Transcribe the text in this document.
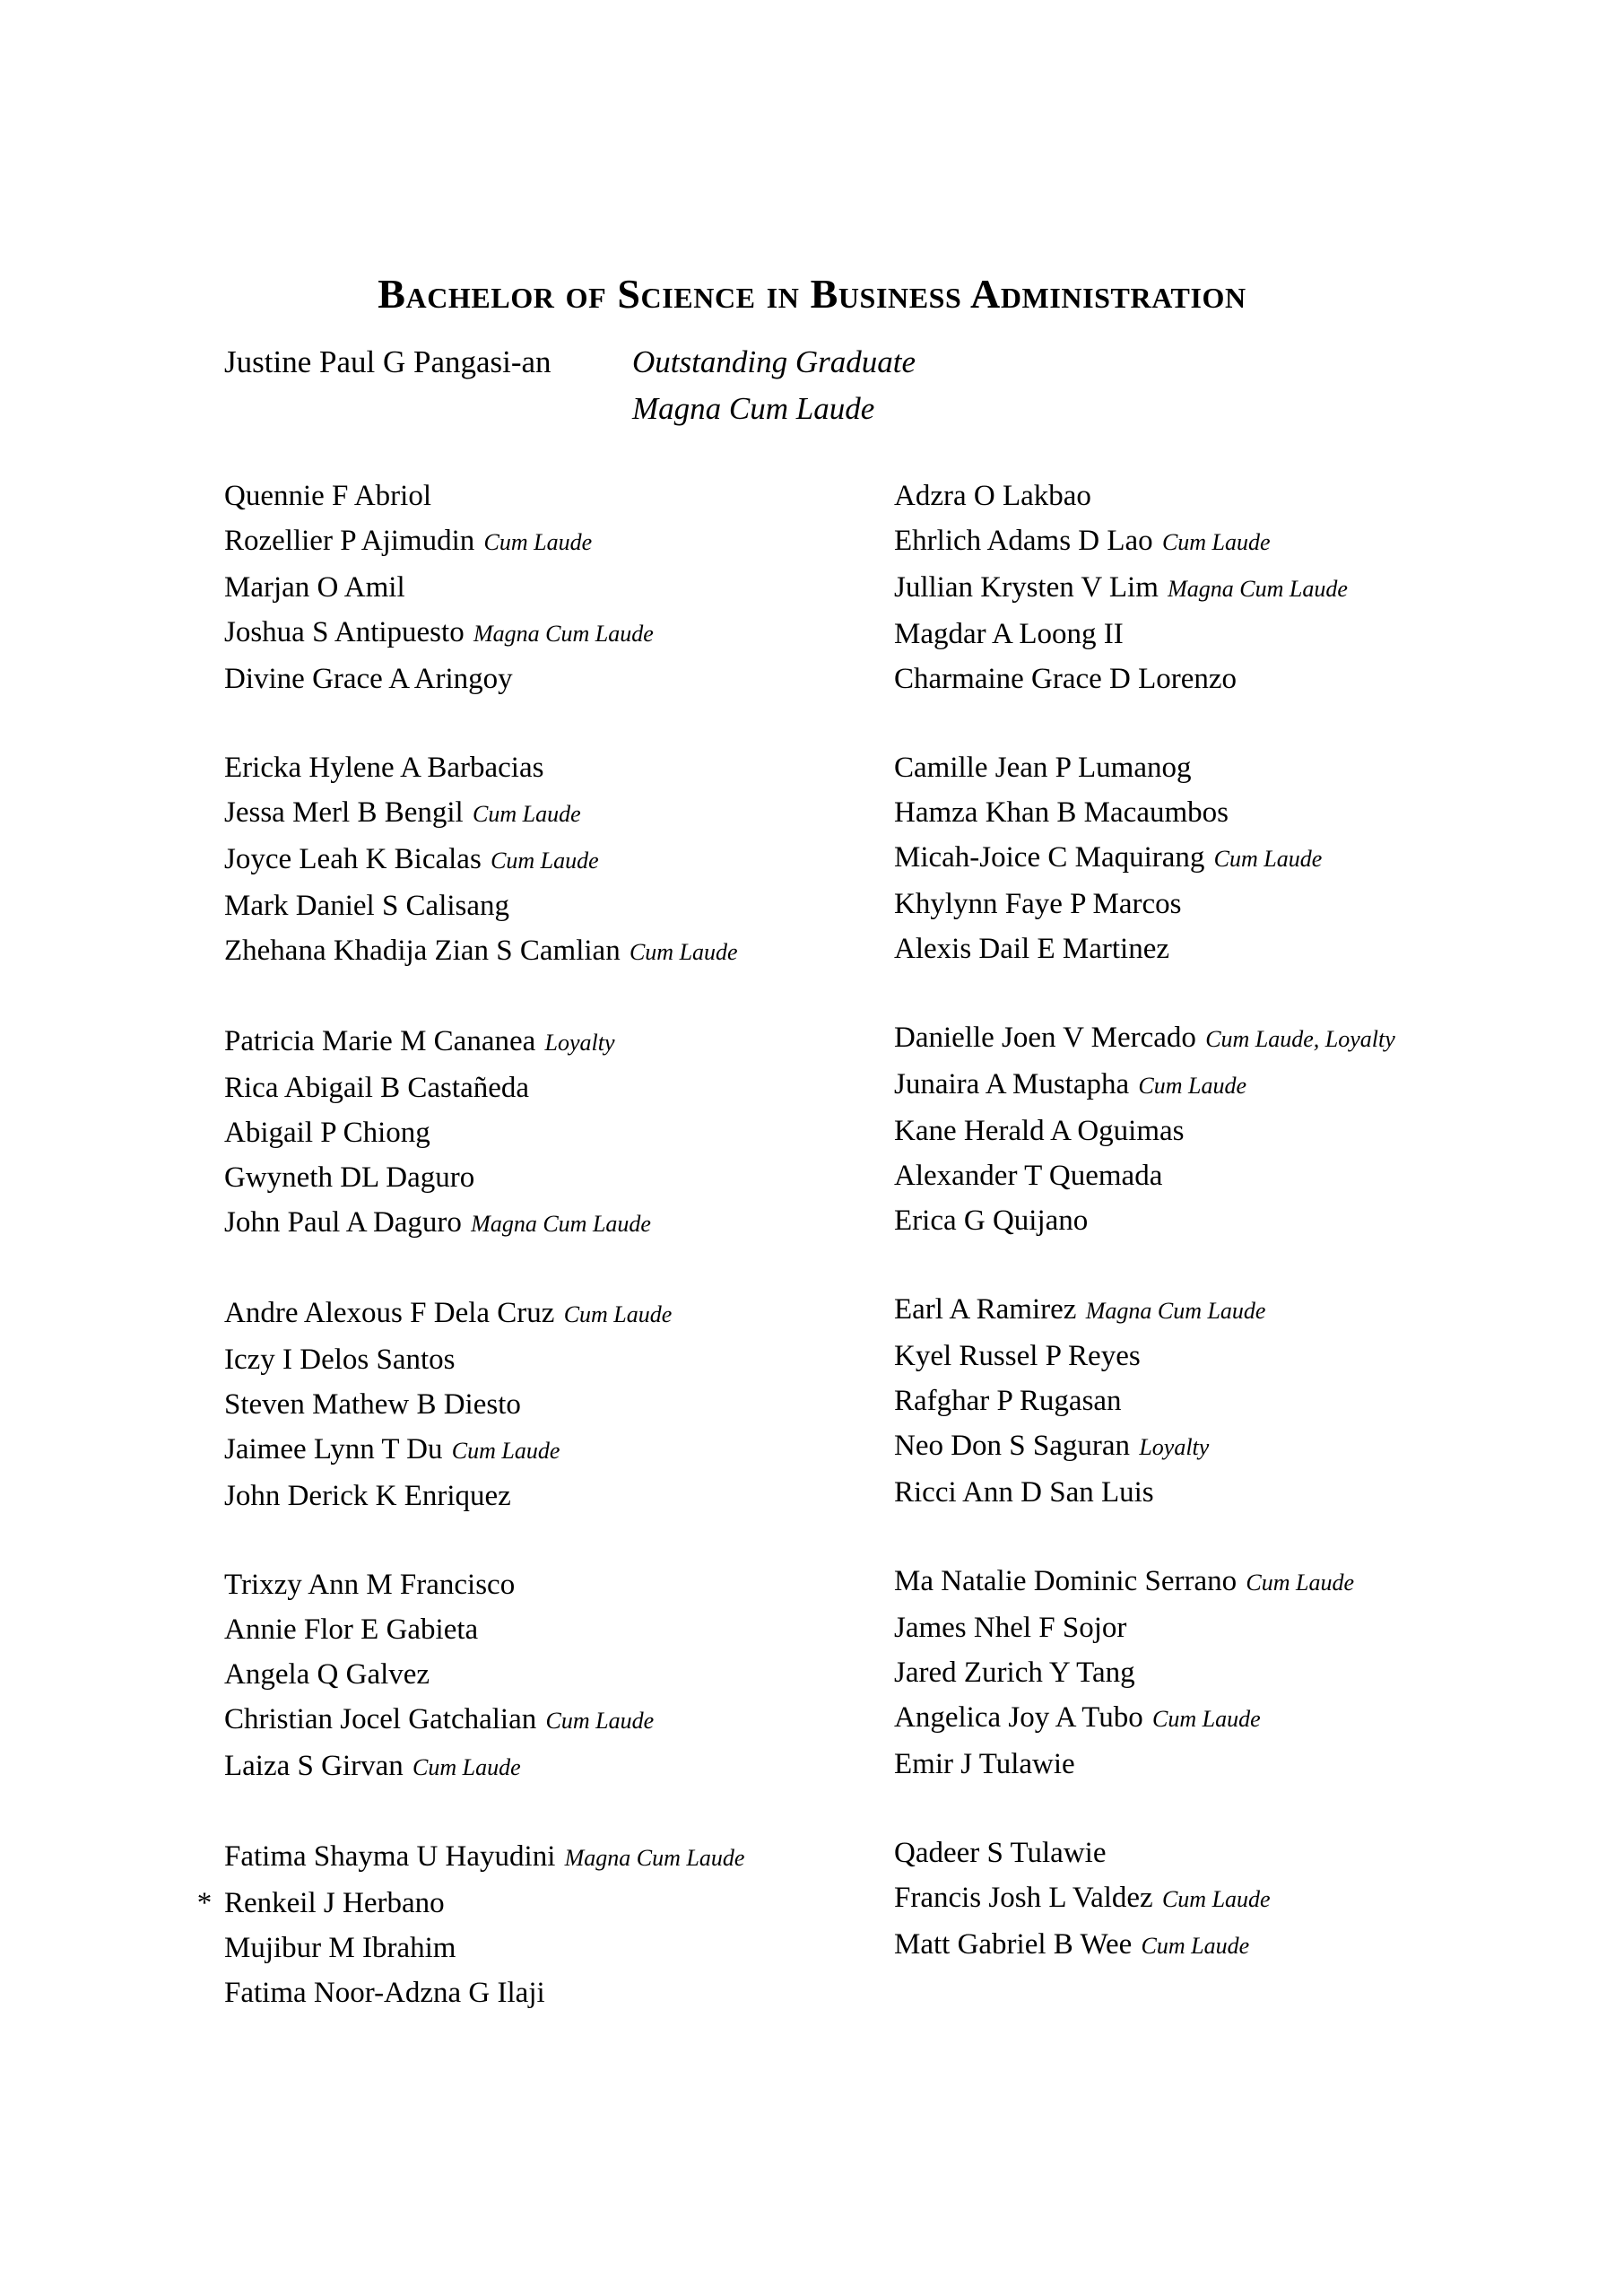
Bachelor of Science in Business Administration
Justine Paul G Pangasi-an	Outstanding Graduate
Magna Cum Laude
Quennie F Abriol
Rozellier P Ajimudin Cum Laude
Marjan O Amil
Joshua S Antipuesto Magna Cum Laude
Divine Grace A Aringoy
Ericka Hylene A Barbacias
Jessa Merl B Bengil Cum Laude
Joyce Leah K Bicalas Cum Laude
Mark Daniel S Calisang
Zhehana Khadija Zian S Camlian Cum Laude
Patricia Marie M Cananea Loyalty
Rica Abigail B Castañeda
Abigail P Chiong
Gwyneth DL Daguro
John Paul A Daguro Magna Cum Laude
Andre Alexous F Dela Cruz Cum Laude
Iczy I Delos Santos
Steven Mathew B Diesto
Jaimee Lynn T Du Cum Laude
John Derick K Enriquez
Trixzy Ann M Francisco
Annie Flor E Gabieta
Angela Q Galvez
Christian Jocel Gatchalian Cum Laude
Laiza S Girvan Cum Laude
Fatima Shayma U Hayudini Magna Cum Laude
* Renkeil J Herbano
Mujibur M Ibrahim
Fatima Noor-Adzna G Ilaji
Adzra O Lakbao
Ehrlich Adams D Lao Cum Laude
Jullian Krysten V Lim Magna Cum Laude
Magdar A Loong II
Charmaine Grace D Lorenzo
Camille Jean P Lumanog
Hamza Khan B Macaumbos
Micah-Joice C Maquirang Cum Laude
Khylynn Faye P Marcos
Alexis Dail E Martinez
Danielle Joen V Mercado Cum Laude, Loyalty
Junaira A Mustapha Cum Laude
Kane Herald A Oguimas
Alexander T Quemada
Erica G Quijano
Earl A Ramirez Magna Cum Laude
Kyel Russel P Reyes
Rafghar P Rugasan
Neo Don S Saguran Loyalty
Ricci Ann D San Luis
Ma Natalie Dominic Serrano Cum Laude
James Nhel F Sojor
Jared Zurich Y Tang
Angelica Joy A Tubo Cum Laude
Emir J Tulawie
Qadeer S Tulawie
Francis Josh L Valdez Cum Laude
Matt Gabriel B Wee Cum Laude
